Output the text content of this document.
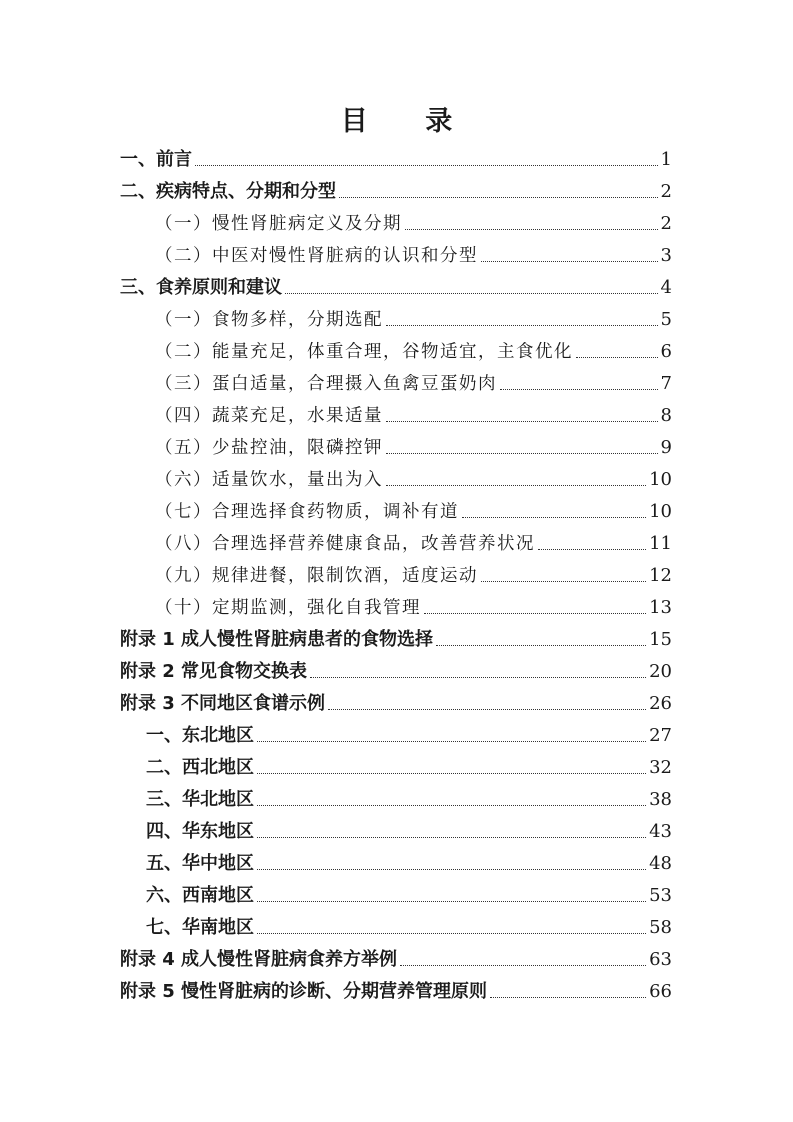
目 录
一、前言	1
二、疾病特点、分期和分型	2
（一）慢性肾脏病定义及分期	2
（二）中医对慢性肾脏病的认识和分型	3
三、食养原则和建议	4
（一）食物多样，分期选配	5
（二）能量充足，体重合理，谷物适宜，主食优化	6
（三）蛋白适量，合理摄入鱼禽豆蛋奶肉	7
（四）蔬菜充足，水果适量	8
（五）少盐控油，限磷控钾	9
（六）适量饮水，量出为入	10
（七）合理选择食药物质，调补有道	10
（八）合理选择营养健康食品，改善营养状况	11
（九）规律进餐，限制饮酒，适度运动	12
（十）定期监测，强化自我管理	13
附录 1 成人慢性肾脏病患者的食物选择	15
附录 2 常见食物交换表	20
附录 3 不同地区食谱示例	26
一、东北地区	27
二、西北地区	32
三、华北地区	38
四、华东地区	43
五、华中地区	48
六、西南地区	53
七、华南地区	58
附录 4 成人慢性肾脏病食养方举例	63
附录 5 慢性肾脏病的诊断、分期营养管理原则	66
